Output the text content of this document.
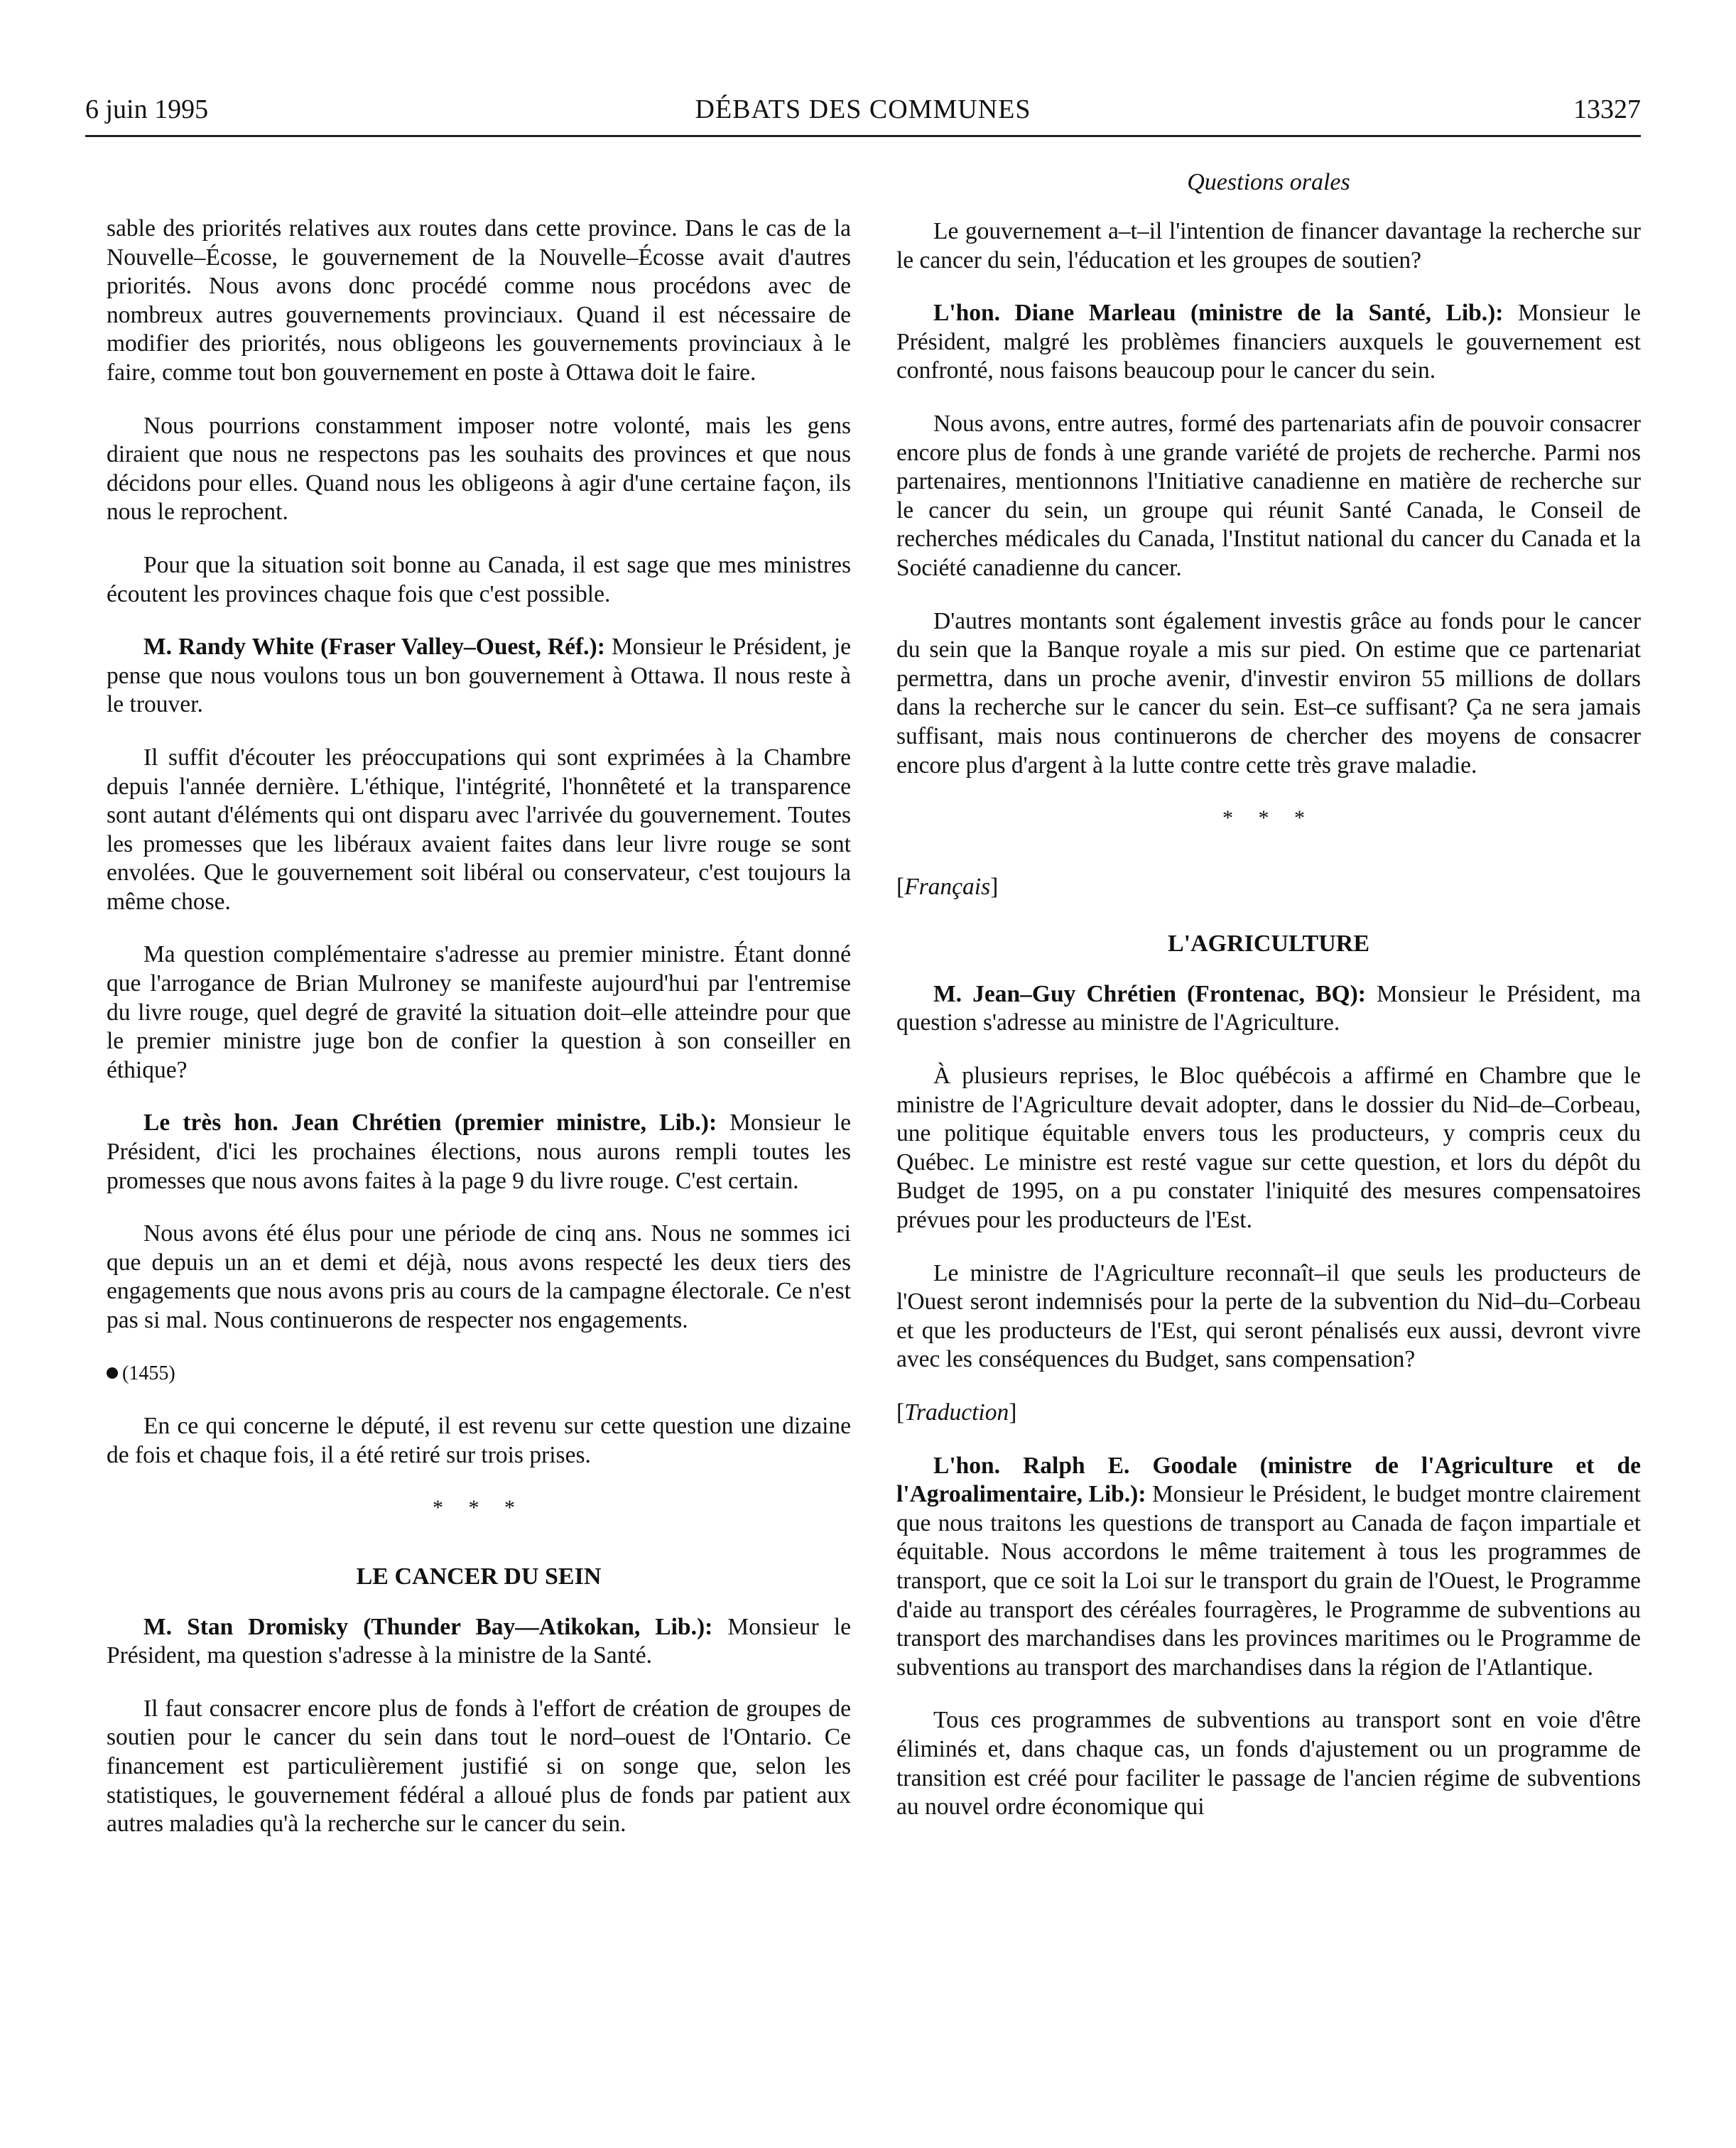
6 juin 1995	DÉBATS DES COMMUNES	13327
Questions orales

sable des priorités relatives aux routes dans cette province. Dans le cas de la Nouvelle–Écosse, le gouvernement de la Nouvelle–Écosse avait d'autres priorités. Nous avons donc procédé comme nous procédons avec de nombreux autres gouvernements provinciaux. Quand il est nécessaire de modifier des priorités, nous obligeons les gouvernements provinciaux à le faire, comme tout bon gouvernement en poste à Ottawa doit le faire.

Nous pourrions constamment imposer notre volonté, mais les gens diraient que nous ne respectons pas les souhaits des provinces et que nous décidons pour elles. Quand nous les obligeons à agir d'une certaine façon, ils nous le reprochent.

Pour que la situation soit bonne au Canada, il est sage que mes ministres écoutent les provinces chaque fois que c'est possible.

M. Randy White (Fraser Valley–Ouest, Réf.): Monsieur le Président, je pense que nous voulons tous un bon gouvernement à Ottawa. Il nous reste à le trouver.

Il suffit d'écouter les préoccupations qui sont exprimées à la Chambre depuis l'année dernière. L'éthique, l'intégrité, l'honnêteté et la transparence sont autant d'éléments qui ont disparu avec l'arrivée du gouvernement. Toutes les promesses que les libéraux avaient faites dans leur livre rouge se sont envolées. Que le gouvernement soit libéral ou conservateur, c'est toujours la même chose.

Ma question complémentaire s'adresse au premier ministre. Étant donné que l'arrogance de Brian Mulroney se manifeste aujourd'hui par l'entremise du livre rouge, quel degré de gravité la situation doit–elle atteindre pour que le premier ministre juge bon de confier la question à son conseiller en éthique?

Le très hon. Jean Chrétien (premier ministre, Lib.): Monsieur le Président, d'ici les prochaines élections, nous aurons rempli toutes les promesses que nous avons faites à la page 9 du livre rouge. C'est certain.

Nous avons été élus pour une période de cinq ans. Nous ne sommes ici que depuis un an et demi et déjà, nous avons respecté les deux tiers des engagements que nous avons pris au cours de la campagne électorale. Ce n'est pas si mal. Nous continuerons de respecter nos engagements.

(1455)

En ce qui concerne le député, il est revenu sur cette question une dizaine de fois et chaque fois, il a été retiré sur trois prises.

* * *
LE CANCER DU SEIN

M. Stan Dromisky (Thunder Bay—Atikokan, Lib.): Monsieur le Président, ma question s'adresse à la ministre de la Santé.

Il faut consacrer encore plus de fonds à l'effort de création de groupes de soutien pour le cancer du sein dans tout le nord–ouest de l'Ontario. Ce financement est particulièrement justifié si on songe que, selon les statistiques, le gouvernement fédéral a alloué plus de fonds par patient aux autres maladies qu'à la recherche sur le cancer du sein.

Le gouvernement a–t–il l'intention de financer davantage la recherche sur le cancer du sein, l'éducation et les groupes de soutien?

L'hon. Diane Marleau (ministre de la Santé, Lib.): Monsieur le Président, malgré les problèmes financiers auxquels le gouvernement est confronté, nous faisons beaucoup pour le cancer du sein.

Nous avons, entre autres, formé des partenariats afin de pouvoir consacrer encore plus de fonds à une grande variété de projets de recherche. Parmi nos partenaires, mentionnons l'Initiative canadienne en matière de recherche sur le cancer du sein, un groupe qui réunit Santé Canada, le Conseil de recherches médicales du Canada, l'Institut national du cancer du Canada et la Société canadienne du cancer.

D'autres montants sont également investis grâce au fonds pour le cancer du sein que la Banque royale a mis sur pied. On estime que ce partenariat permettra, dans un proche avenir, d'investir environ 55 millions de dollars dans la recherche sur le cancer du sein. Est–ce suffisant? Ça ne sera jamais suffisant, mais nous continuerons de chercher des moyens de consacrer encore plus d'argent à la lutte contre cette très grave maladie.

* * *
[Français]
L'AGRICULTURE

M. Jean–Guy Chrétien (Frontenac, BQ): Monsieur le Président, ma question s'adresse au ministre de l'Agriculture.

À plusieurs reprises, le Bloc québécois a affirmé en Chambre que le ministre de l'Agriculture devait adopter, dans le dossier du Nid–de–Corbeau, une politique équitable envers tous les producteurs, y compris ceux du Québec. Le ministre est resté vague sur cette question, et lors du dépôt du Budget de 1995, on a pu constater l'iniquité des mesures compensatoires prévues pour les producteurs de l'Est.

Le ministre de l'Agriculture reconnaît–il que seuls les producteurs de l'Ouest seront indemnisés pour la perte de la subvention du Nid–du–Corbeau et que les producteurs de l'Est, qui seront pénalisés eux aussi, devront vivre avec les conséquences du Budget, sans compensation?

[Traduction]

L'hon. Ralph E. Goodale (ministre de l'Agriculture et de l'Agroalimentaire, Lib.): Monsieur le Président, le budget montre clairement que nous traitons les questions de transport au Canada de façon impartiale et équitable. Nous accordons le même traitement à tous les programmes de transport, que ce soit la Loi sur le transport du grain de l'Ouest, le Programme d'aide au transport des céréales fourragères, le Programme de subventions au transport des marchandises dans les provinces maritimes ou le Programme de subventions au transport des marchandises dans la région de l'Atlantique.

Tous ces programmes de subventions au transport sont en voie d'être éliminés et, dans chaque cas, un fonds d'ajustement ou un programme de transition est créé pour faciliter le passage de l'ancien régime de subventions au nouvel ordre économique qui
